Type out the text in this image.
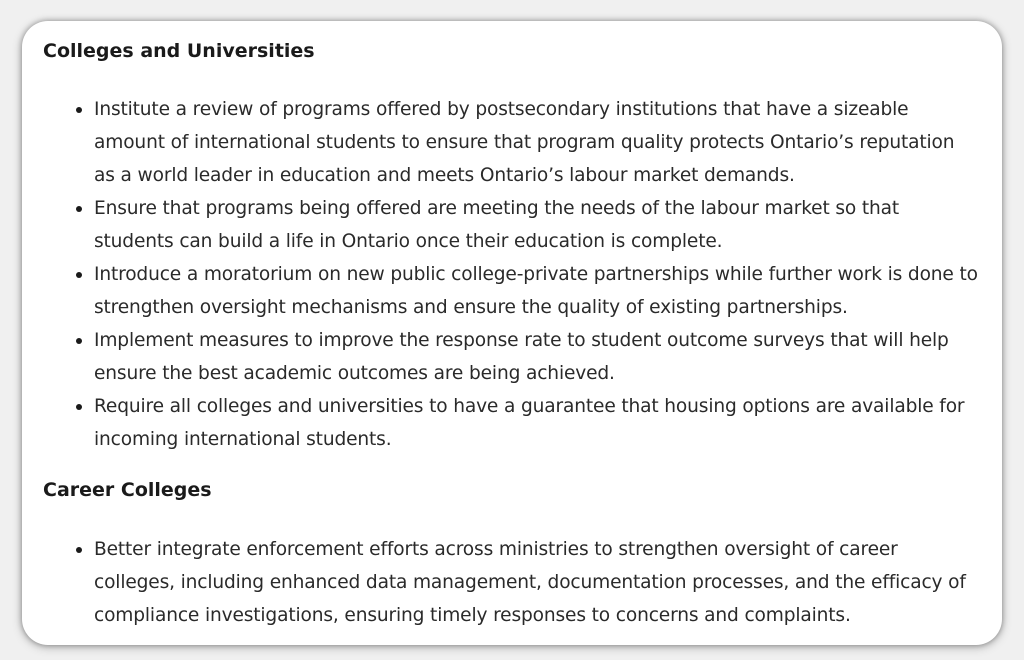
Colleges and Universities
Institute a review of programs offered by postsecondary institutions that have a sizeable amount of international students to ensure that program quality protects Ontario’s reputation as a world leader in education and meets Ontario’s labour market demands.
Ensure that programs being offered are meeting the needs of the labour market so that students can build a life in Ontario once their education is complete.
Introduce a moratorium on new public college-private partnerships while further work is done to strengthen oversight mechanisms and ensure the quality of existing partnerships.
Implement measures to improve the response rate to student outcome surveys that will help ensure the best academic outcomes are being achieved.
Require all colleges and universities to have a guarantee that housing options are available for incoming international students.
Career Colleges
Better integrate enforcement efforts across ministries to strengthen oversight of career colleges, including enhanced data management, documentation processes, and the efficacy of compliance investigations, ensuring timely responses to concerns and complaints.
